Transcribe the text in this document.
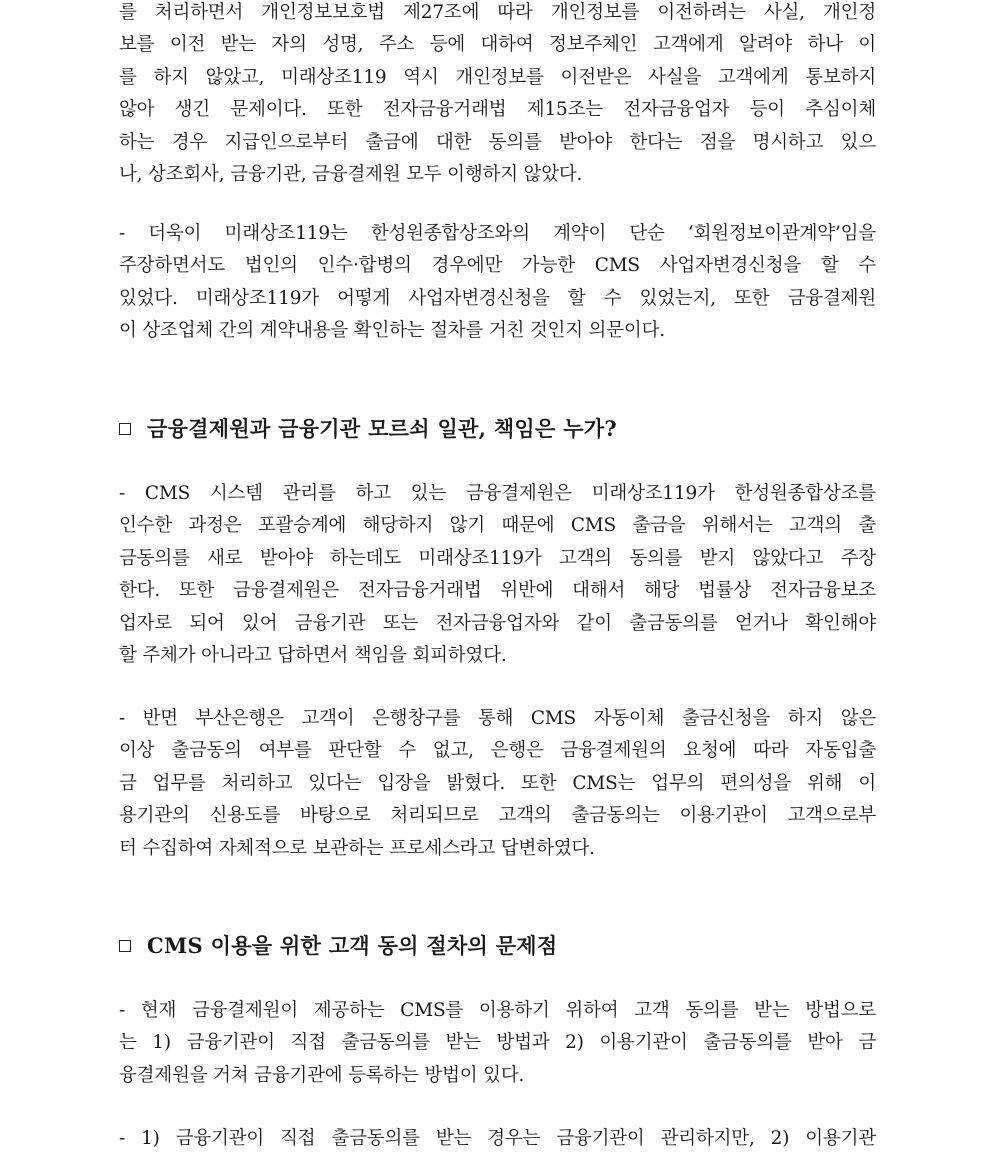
를 처리하면서 개인정보보호법 제27조에 따라 개인정보를 이전하려는 사실, 개인정
보를 이전 받는 자의 성명, 주소 등에 대하여 정보주체인 고객에게 알려야 하나 이
를 하지 않았고, 미래상조119 역시 개인정보를 이전받은 사실을 고객에게 통보하지
않아 생긴 문제이다. 또한 전자금융거래법 제15조는 전자금융업자 등이 추심이체
하는 경우 지급인으로부터 출금에 대한 동의를 받아야 한다는 점을 명시하고 있으
나, 상조회사, 금융기관, 금융결제원 모두 이행하지 않았다.
- 더욱이 미래상조119는 한성원종합상조와의 계약이 단순 ‘회원정보이관계약’임을
주장하면서도 법인의 인수·합병의 경우에만 가능한 CMS 사업자변경신청을 할 수
있었다. 미래상조119가 어떻게 사업자변경신청을 할 수 있었는지, 또한 금융결제원
이 상조업체 간의 계약내용을 확인하는 절차를 거친 것인지 의문이다.
금융결제원과 금융기관 모르쇠 일관, 책임은 누가?
- CMS 시스템 관리를 하고 있는 금융결제원은 미래상조119가 한성원종합상조를
인수한 과정은 포괄승계에 해당하지 않기 때문에 CMS 출금을 위해서는 고객의 출
금동의를 새로 받아야 하는데도 미래상조119가 고객의 동의를 받지 않았다고 주장
한다. 또한 금융결제원은 전자금융거래법 위반에 대해서 해당 법률상 전자금융보조
업자로 되어 있어 금융기관 또는 전자금융업자와 같이 출금동의를 얻거나 확인해야
할 주체가 아니라고 답하면서 책임을 회피하였다.
- 반면 부산은행은 고객이 은행창구를 통해 CMS 자동이체 출금신청을 하지 않은
이상 출금동의 여부를 판단할 수 없고, 은행은 금융결제원의 요청에 따라 자동입출
금 업무를 처리하고 있다는 입장을 밝혔다. 또한 CMS는 업무의 편의성을 위해 이
용기관의 신용도를 바탕으로 처리되므로 고객의 출금동의는 이용기관이 고객으로부
터 수집하여 자체적으로 보관하는 프로세스라고 답변하였다.
CMS 이용을 위한 고객 동의 절차의 문제점
- 현재 금융결제원이 제공하는 CMS를 이용하기 위하여 고객 동의를 받는 방법으로
는 1) 금융기관이 직접 출금동의를 받는 방법과 2) 이용기관이 출금동의를 받아 금
융결제원을 거쳐 금융기관에 등록하는 방법이 있다.
- 1) 금융기관이 직접 출금동의를 받는 경우는 금융기관이 관리하지만, 2) 이용기관
